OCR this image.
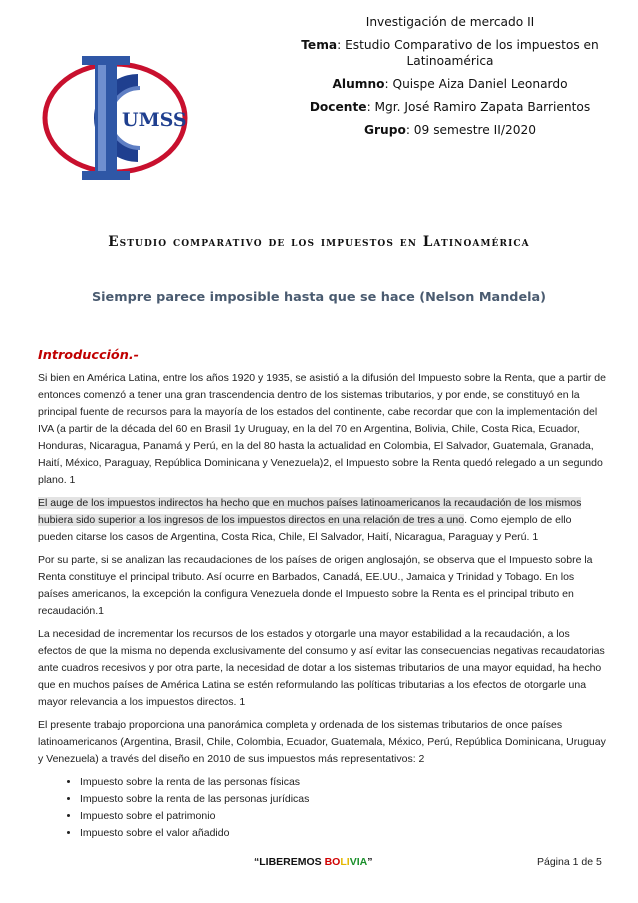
UMSS
Investigación de mercado II
Tema: Estudio Comparativo de los impuestos en Latinoamérica
Alumno: Quispe Aiza Daniel Leonardo
Docente: Mgr. José Ramiro Zapata Barrientos
Grupo: 09 semestre II/2020
Estudio comparativo de los impuestos en Latinoamérica
Siempre parece imposible hasta que se hace (Nelson Mandela)
Introducción.-

Si bien en América Latina, entre los años 1920 y 1935, se asistió a la difusión del Impuesto sobre la Renta, que a partir de entonces comenzó a tener una gran trascendencia dentro de los sistemas tributarios, y por ende, se constituyó en la principal fuente de recursos para la mayoría de los estados del continente, cabe recordar que con la implementación del IVA (a partir de la década del 60 en Brasil 1y Uruguay, en la del 70 en Argentina, Bolivia, Chile, Costa Rica, Ecuador, Honduras, Nicaragua, Panamá y Perú, en la del 80 hasta la actualidad en Colombia, El Salvador, Guatemala, Granada, Haití, México, Paraguay, República Dominicana y Venezuela)2, el Impuesto sobre la Renta quedó relegado a un segundo plano. 1

El auge de los impuestos indirectos ha hecho que en muchos países latinoamericanos la recaudación de los mismos hubiera sido superior a los ingresos de los impuestos directos en una relación de tres a uno. Como ejemplo de ello pueden citarse los casos de Argentina, Costa Rica, Chile, El Salvador, Haití, Nicaragua, Paraguay y Perú. 1

Por su parte, si se analizan las recaudaciones de los países de origen anglosajón, se observa que el Impuesto sobre la Renta constituye el principal tributo. Así ocurre en Barbados, Canadá, EE.UU., Jamaica y Trinidad y Tobago. En los países americanos, la excepción la configura Venezuela donde el Impuesto sobre la Renta es el principal tributo en recaudación.1

La necesidad de incrementar los recursos de los estados y otorgarle una mayor estabilidad a la recaudación, a los efectos de que la misma no dependa exclusivamente del consumo y así evitar las consecuencias negativas recaudatorias ante cuadros recesivos y por otra parte, la necesidad de dotar a los sistemas tributarios de una mayor equidad, ha hecho que en muchos países de América Latina se estén reformulando las políticas tributarias a los efectos de otorgarle una mayor relevancia a los impuestos directos. 1

El presente trabajo proporciona una panorámica completa y ordenada de los sistemas tributarios de once países latinoamericanos (Argentina, Brasil, Chile, Colombia, Ecuador, Guatemala, México, Perú, República Dominicana, Uruguay y Venezuela) a través del diseño en 2010 de sus impuestos más representativos: 2

• Impuesto sobre la renta de las personas físicas
• Impuesto sobre la renta de las personas jurídicas
• Impuesto sobre el patrimonio
• Impuesto sobre el valor añadido
“LIBEREMOS BOLIVIA”	Página 1 de 5
